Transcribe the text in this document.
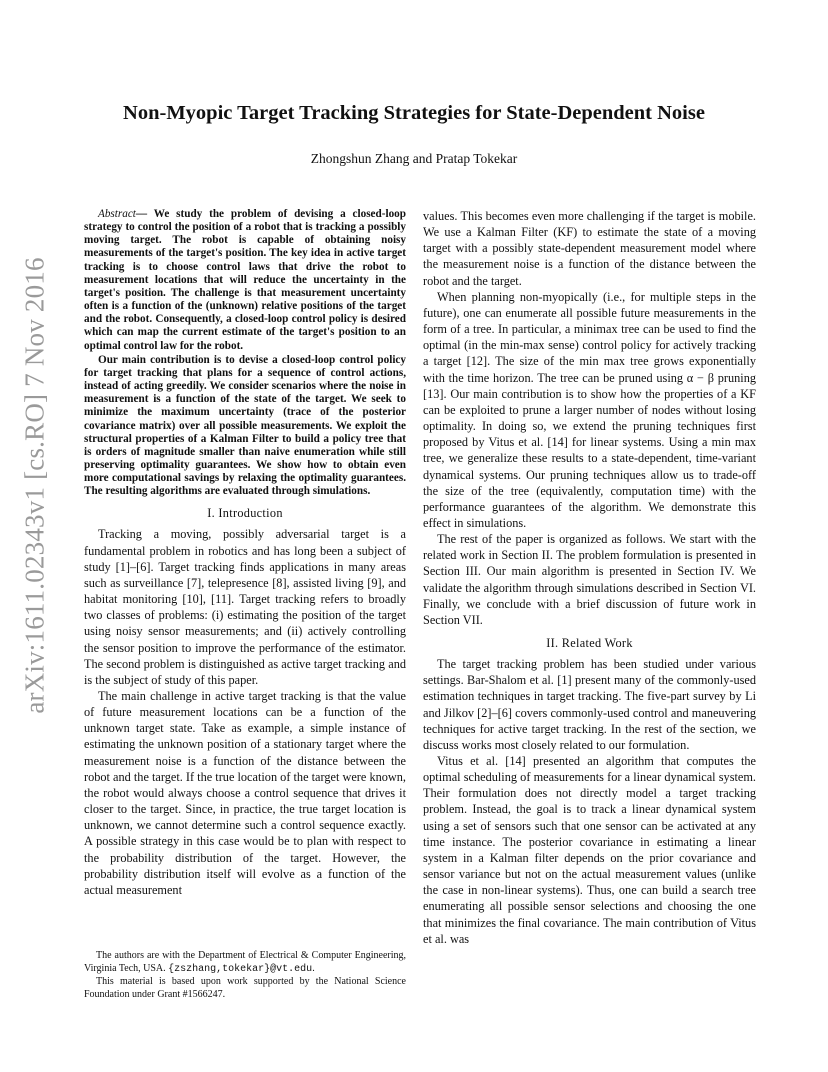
arXiv:1611.02343v1 [cs.RO] 7 Nov 2016
Non-Myopic Target Tracking Strategies for State-Dependent Noise
Zhongshun Zhang and Pratap Tokekar

Abstract— We study the problem of devising a closed-loop strategy to control the position of a robot that is tracking a possibly moving target. The robot is capable of obtaining noisy measurements of the target's position. The key idea in active target tracking is to choose control laws that drive the robot to measurement locations that will reduce the uncertainty in the target's position. The challenge is that measurement uncertainty often is a function of the (unknown) relative positions of the target and the robot. Consequently, a closed-loop control policy is desired which can map the current estimate of the target's position to an optimal control law for the robot.

Our main contribution is to devise a closed-loop control policy for target tracking that plans for a sequence of control actions, instead of acting greedily. We consider scenarios where the noise in measurement is a function of the state of the target. We seek to minimize the maximum uncertainty (trace of the posterior covariance matrix) over all possible measurements. We exploit the structural properties of a Kalman Filter to build a policy tree that is orders of magnitude smaller than naive enumeration while still preserving optimality guarantees. We show how to obtain even more computational savings by relaxing the optimality guarantees. The resulting algorithms are evaluated through simulations.

I. Introduction

Tracking a moving, possibly adversarial target is a fundamental problem in robotics and has long been a subject of study [1]–[6]. Target tracking finds applications in many areas such as surveillance [7], telepresence [8], assisted living [9], and habitat monitoring [10], [11]. Target tracking refers to broadly two classes of problems: (i) estimating the position of the target using noisy sensor measurements; and (ii) actively controlling the sensor position to improve the performance of the estimator. The second problem is distinguished as active target tracking and is the subject of study of this paper.

The main challenge in active target tracking is that the value of future measurement locations can be a function of the unknown target state. Take as example, a simple instance of estimating the unknown position of a stationary target where the measurement noise is a function of the distance between the robot and the target. If the true location of the target were known, the robot would always choose a control sequence that drives it closer to the target. Since, in practice, the true target location is unknown, we cannot determine such a control sequence exactly. A possible strategy in this case would be to plan with respect to the probability distribution of the target. However, the probability distribution itself will evolve as a function of the actual measurement

The authors are with the Department of Electrical & Computer Engineering, Virginia Tech, USA. {zszhang,tokekar}@vt.edu.

This material is based upon work supported by the National Science Foundation under Grant #1566247.

values. This becomes even more challenging if the target is mobile. We use a Kalman Filter (KF) to estimate the state of a moving target with a possibly state-dependent measurement model where the measurement noise is a function of the distance between the robot and the target.

When planning non-myopically (i.e., for multiple steps in the future), one can enumerate all possible future measurements in the form of a tree. In particular, a minimax tree can be used to find the optimal (in the min-max sense) control policy for actively tracking a target [12]. The size of the min max tree grows exponentially with the time horizon. The tree can be pruned using α − β pruning [13]. Our main contribution is to show how the properties of a KF can be exploited to prune a larger number of nodes without losing optimality. In doing so, we extend the pruning techniques first proposed by Vitus et al. [14] for linear systems. Using a min max tree, we generalize these results to a state-dependent, time-variant dynamical systems. Our pruning techniques allow us to trade-off the size of the tree (equivalently, computation time) with the performance guarantees of the algorithm. We demonstrate this effect in simulations.

The rest of the paper is organized as follows. We start with the related work in Section II. The problem formulation is presented in Section III. Our main algorithm is presented in Section IV. We validate the algorithm through simulations described in Section VI. Finally, we conclude with a brief discussion of future work in Section VII.

II. Related Work

The target tracking problem has been studied under various settings. Bar-Shalom et al. [1] present many of the commonly-used estimation techniques in target tracking. The five-part survey by Li and Jilkov [2]–[6] covers commonly-used control and maneuvering techniques for active target tracking. In the rest of the section, we discuss works most closely related to our formulation.

Vitus et al. [14] presented an algorithm that computes the optimal scheduling of measurements for a linear dynamical system. Their formulation does not directly model a target tracking problem. Instead, the goal is to track a linear dynamical system using a set of sensors such that one sensor can be activated at any time instance. The posterior covariance in estimating a linear system in a Kalman filter depends on the prior covariance and sensor variance but not on the actual measurement values (unlike the case in non-linear systems). Thus, one can build a search tree enumerating all possible sensor selections and choosing the one that minimizes the final covariance. The main contribution of Vitus et al. was
